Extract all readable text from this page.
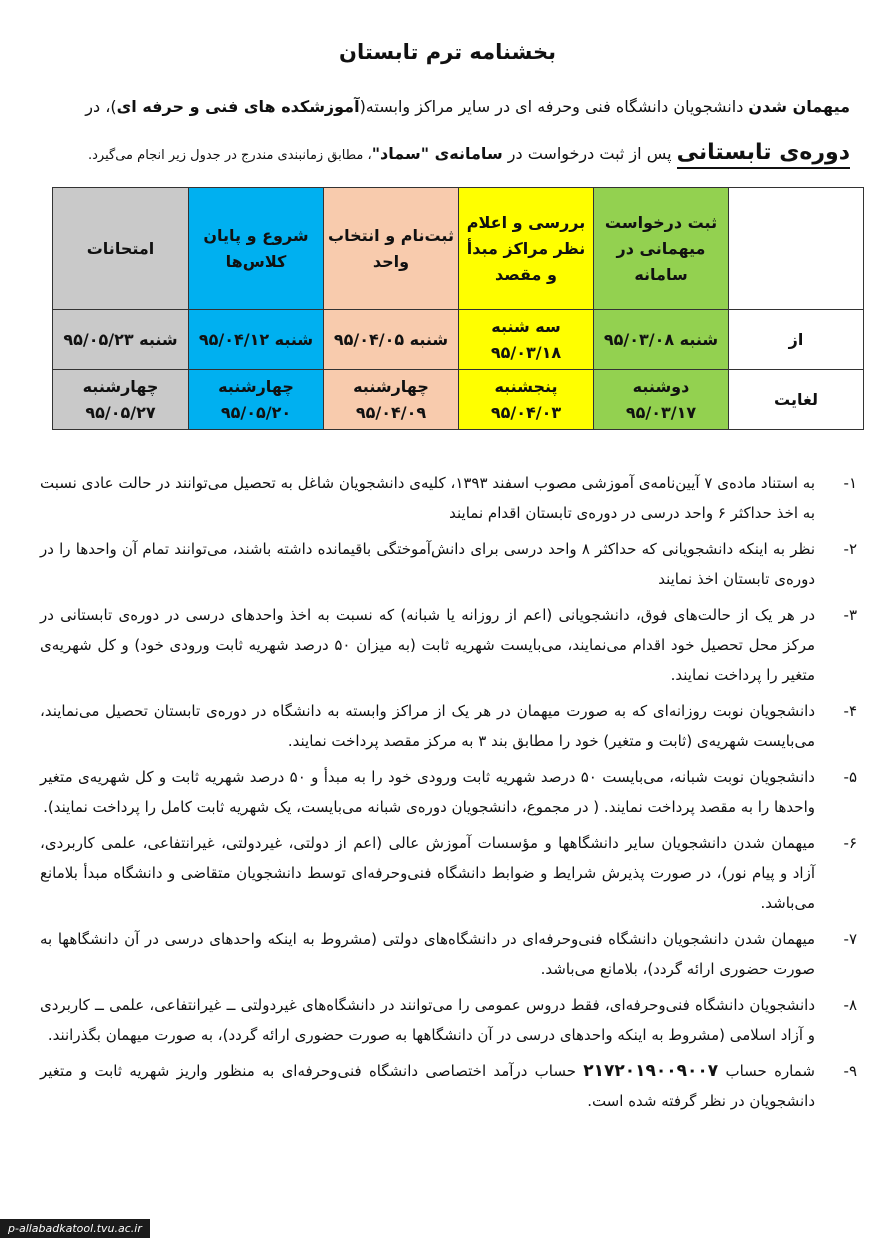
بخشنامه ترم تابستان
میهمان شدن دانشجویان دانشگاه فنی وحرفه ای در سایر مراکز وابسته(آموزشکده های فنی و حرفه ای)، در
دوره‌ی تابستانی پس از ثبت درخواست در سامانه‌ی "سماد"، مطابق زمانبندی مندرج در جدول زیر انجام می‌گیرد.
	ثبت درخواست میهمانی در سامانه	بررسی و اعلام نظر مراکز مبدأ و مقصد	ثبت‌نام و انتخاب واحد	شروع و پایان کلاس‌ها	امتحانات
از	شنبه ۹۵/۰۳/۰۸	سه شنبه ۹۵/۰۳/۱۸	شنبه ۹۵/۰۴/۰۵	شنبه ۹۵/۰۴/۱۲	شنبه ۹۵/۰۵/۲۳
لغایت	دوشنبه ۹۵/۰۳/۱۷	پنجشنبه ۹۵/۰۴/۰۳	چهارشنبه ۹۵/۰۴/۰۹	چهارشنبه ۹۵/۰۵/۲۰	چهارشنبه ۹۵/۰۵/۲۷
۱-
به استناد ماده‌ی ۷ آیین‌نامه‌ی آموزشی مصوب اسفند ۱۳۹۳، کلیه‌ی دانشجویان شاغل به تحصیل می‌توانند در حالت عادی نسبت به اخذ حداکثر ۶ واحد درسی در دوره‌ی تابستان اقدام نمایند
۲-
نظر به اینکه دانشجویانی که حداکثر ۸ واحد درسی برای دانش‌آموختگی باقیمانده داشته باشند، می‌توانند تمام آن واحدها را در دوره‌ی تابستان اخذ نمایند
۳-
در هر یک از حالت‌های فوق، دانشجویانی (اعم از روزانه یا شبانه) که نسبت به اخذ واحدهای درسی در دوره‌ی تابستانی در مرکز محل تحصیل خود اقدام می‌نمایند، می‌بایست شهریه ثابت (به میزان ۵۰ درصد شهریه ثابت ورودی خود) و کل شهریه‌ی متغیر را پرداخت نمایند.
۴-
دانشجویان نوبت روزانه‌ای که به صورت میهمان در هر یک از مراکز وابسته به دانشگاه در دوره‌ی تابستان تحصیل می‌نمایند، می‌بایست شهریه‌ی (ثابت و متغیر) خود را مطابق بند ۳ به مرکز مقصد پرداخت نمایند.
۵-
دانشجویان نوبت شبانه، می‌بایست ۵۰ درصد شهریه ثابت ورودی خود را به مبدأ و ۵۰ درصد شهریه ثابت و کل شهریه‌ی متغیر واحدها را به مقصد پرداخت نمایند. ( در مجموع، دانشجویان دوره‌ی شبانه می‌بایست، یک شهریه ثابت کامل را پرداخت نمایند).
۶-
میهمان شدن دانشجویان سایر دانشگاهها و مؤسسات آموزش عالی (اعم از دولتی، غیردولتی، غیرانتفاعی، علمی کاربردی، آزاد و پیام نور)، در صورت پذیرش شرایط و ضوابط دانشگاه فنی‌وحرفه‌ای توسط دانشجویان متقاضی و دانشگاه مبدأ بلامانع می‌باشد.
۷-
میهمان شدن دانشجویان دانشگاه فنی‌وحرفه‌ای در دانشگاه‌های دولتی (مشروط به اینکه واحدهای درسی در آن دانشگاهها به صورت حضوری ارائه گردد)، بلامانع می‌باشد.
۸-
دانشجویان دانشگاه فنی‌وحرفه‌ای، فقط دروس عمومی را می‌توانند در دانشگاه‌های غیردولتی ــ غیرانتفاعی، علمی ــ کاربردی و آزاد اسلامی (مشروط به اینکه واحدهای درسی در آن دانشگاهها به صورت حضوری ارائه گردد)، به صورت میهمان بگذرانند.
۹-
شماره حساب ۲۱۷۲۰۱۹۰۰۹۰۰۷ حساب درآمد اختصاصی دانشگاه فنی‌وحرفه‌ای به منظور واریز شهریه ثابت و متغیر دانشجویان در نظر گرفته شده است.
p-allabadkatool.tvu.ac.ir
